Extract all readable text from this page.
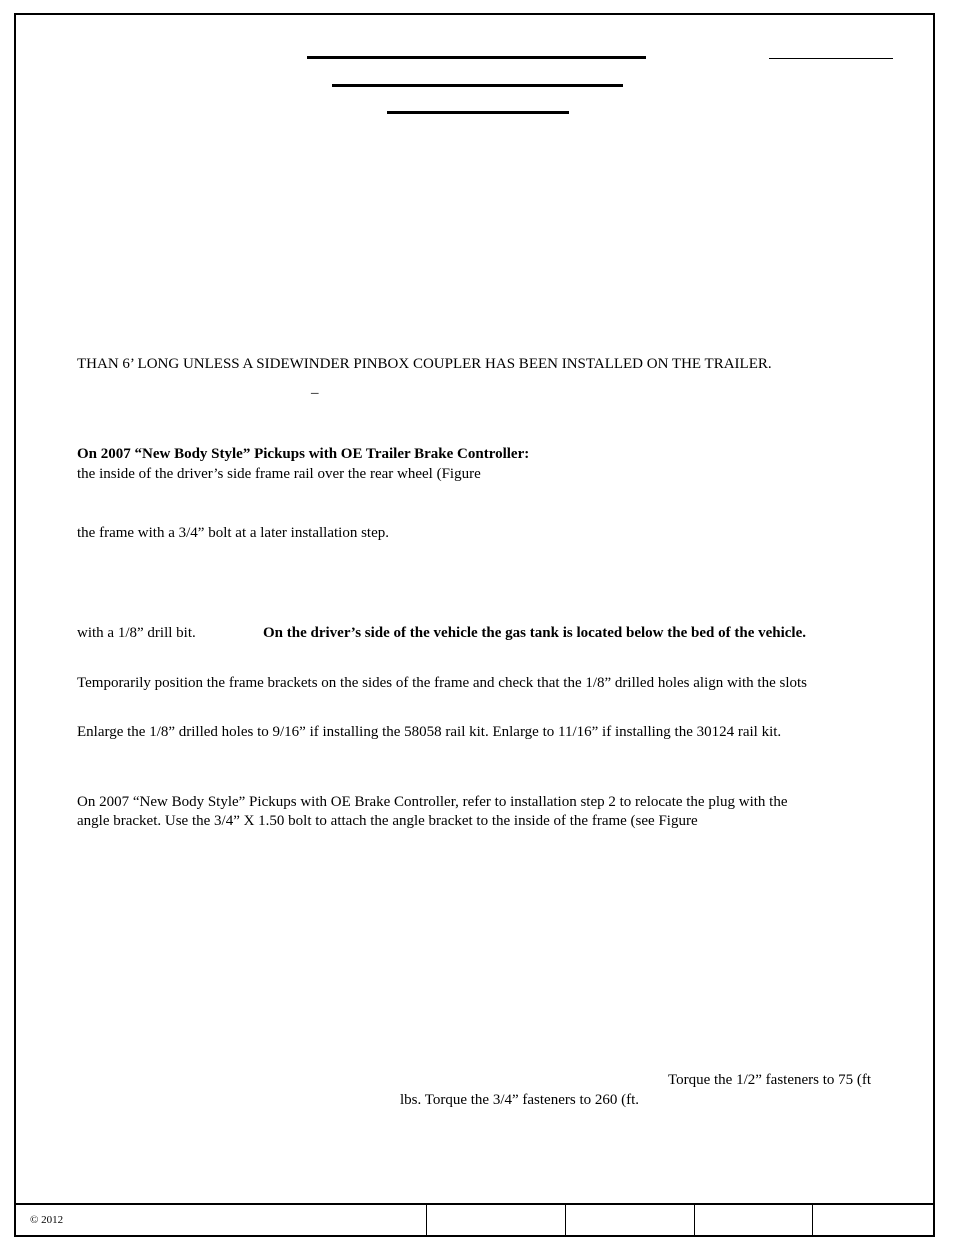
THAN 6’ LONG UNLESS A SIDEWINDER PINBOX COUPLER HAS BEEN INSTALLED ON THE TRAILER.
–
On 2007 “New Body Style” Pickups with OE Trailer Brake Controller:
the inside of the driver’s side frame rail over the rear wheel (Figure
the frame with a 3/4” bolt at a later installation step.
with a 1/8” drill bit.	On the driver’s side of the vehicle the gas tank is located below the bed of the vehicle.
Temporarily position the frame brackets on the sides of the frame and check that the 1/8” drilled holes align with the slots
Enlarge the 1/8” drilled holes to 9/16” if installing the 58058 rail kit. Enlarge to 11/16” if installing the 30124 rail kit.
On 2007 “New Body Style” Pickups with OE Brake Controller, refer to installation step 2 to relocate the plug with the
angle bracket. Use the 3/4” X 1.50 bolt to attach the angle bracket to the inside of the frame (see Figure
Torque the 1/2” fasteners to 75 (ft
lbs. Torque the 3/4” fasteners to 260 (ft.
© 2012
